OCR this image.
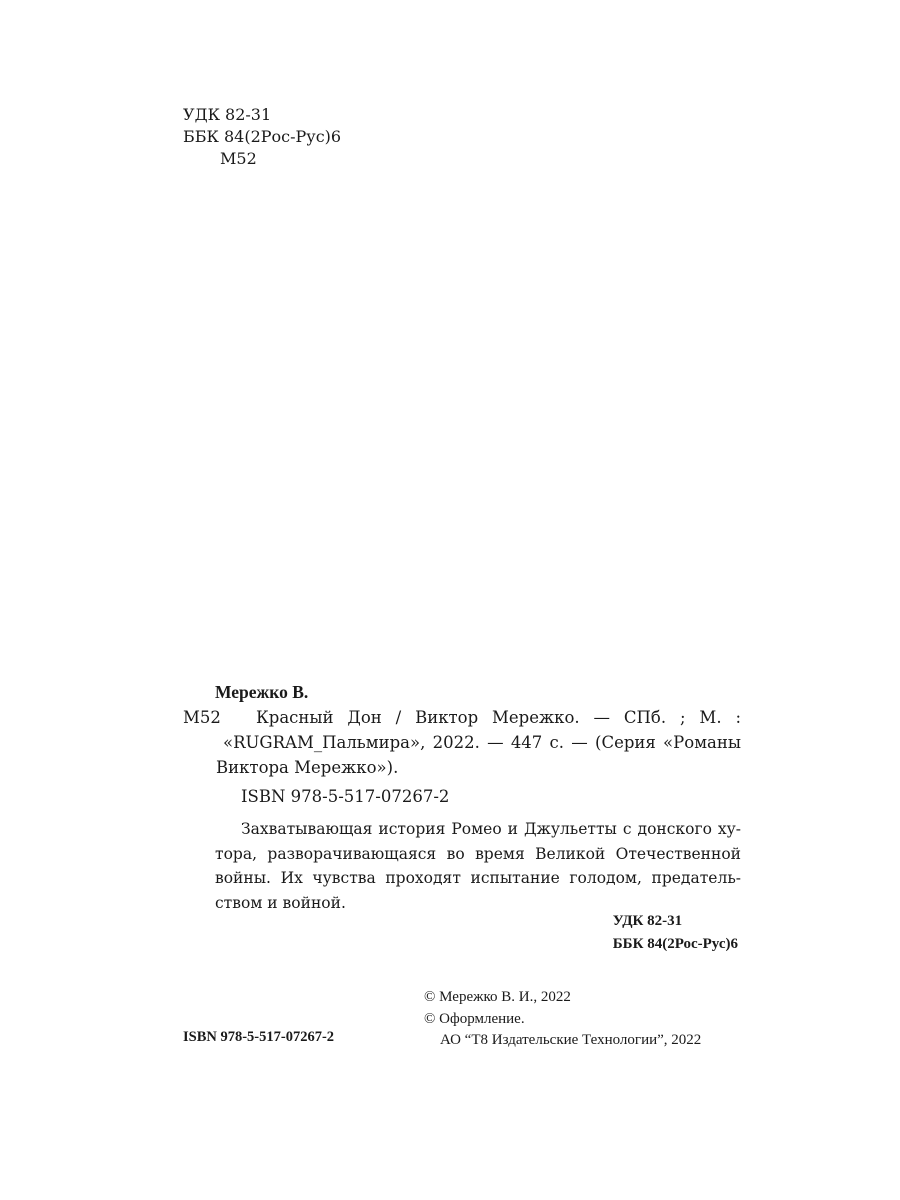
УДК 82-31
ББК 84(2Рос-Рус)6
М52
Мережко В.
М52	Красный Дон / Виктор Мережко. — СПб. ; М. :
«RUGRAM_Пальмира», 2022. — 447 с. — (Серия «Романы
Виктора Мережко»).
ISBN 978-5-517-07267-2
Захватывающая история Ромео и Джульетты с донского ху-
тора, разворачивающаяся во время Великой Отечественной
войны. Их чувства проходят испытание голодом, предатель-
ством и войной.
УДК 82-31
ББК 84(2Рос-Рус)6
© Мережко В. И., 2022
© Оформление.
АО “Т8 Издательские Технологии”, 2022
ISBN 978-5-517-07267-2
